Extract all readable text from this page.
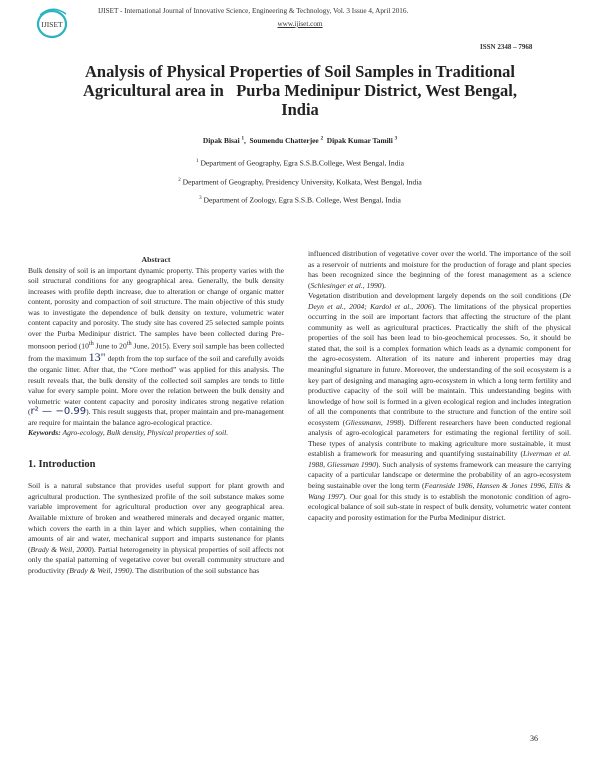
IJISET
IJISET - International Journal of Innovative Science, Engineering & Technology, Vol. 3 Issue 4, April 2016.
www.ijiset.com
ISSN 2348 – 7968
Analysis of Physical Properties of Soil Samples in Traditional
Agricultural area in   Purba Medinipur District, West Bengal,
India
Dipak Bisai $^1$,  Soumendu Chatterjee $^2$ Dipak Kumar Tamili $^3$
$^1$ Department of Geography, Egra S.S.B.College, West Bengal, India
$^2$ Department of Geography, Presidency University, Kolkata, West Bengal, India
$^3$ Department of Zoology, Egra S.S.B. College, West Bengal, India

Abstract

Bulk density of soil is an important dynamic property. This property varies with the soil structural conditions for any geographical area. Generally, the bulk density increases with profile depth increase, due to alteration or change of organic matter content, porosity and compaction of soil structure. The main objective of this study was to investigate the dependence of bulk density on texture, volumetric water content capacity and porosity. The study site has covered 25 selected sample points over the Purba Medinipur district. The samples have been collected during Pre-monsoon period (10th June to 20th June, 2015). Every soil sample has been collected from the maximum 13" depth from the top surface of the soil and carefully avoids the organic litter. After that, the “Core method” was applied for this analysis. The result reveals that, the bulk density of the collected soil samples are tends to little value for every sample point. More over the relation between the bulk density and volumetric water content capacity and porosity indicates strong negative relation (r² — −0.99). This result suggests that, proper maintain and pre-management are require for maintain the balance agro-ecological practice.

Keywords: Agro-ecology, Bulk density, Physical properties of soil.

1. Introduction

Soil is a natural substance that provides useful support for plant growth and agricultural production. The synthesized profile of the soil substance makes some variable improvement for agricultural production over any geographical area. Available mixture of broken and weathered minerals and decayed organic matter, which covers the earth in a thin layer and which supplies, when containing the amounts of air and water, mechanical support and imparts sustenance for plants (Brady & Weil, 2000). Partial heterogeneity in physical properties of soil affects not only the spatial patterning of vegetative cover but overall community structure and productivity (Brady & Weil, 1990). The distribution of the soil substance has

influenced distribution of vegetative cover over the world. The importance of the soil as a reservoir of nutrients and moisture for the production of forage and plant species has been recognized since the beginning of the forest management as a science (Schlesinger et al., 1990).

Vegetation distribution and development largely depends on the soil conditions (De Deyn et al., 2004; Kardol et al., 2006). The limitations of the physical properties occurring in the soil are important factors that affecting the structure of the plant community as well as agricultural practices. Practically the shift of the physical properties of the soil has been lead to bio-geochemical processes. So, it should be stated that, the soil is a complex formation which leads as a dynamic component for the agro-ecosystem. Alteration of its nature and inherent properties may drag meaningful signature in future. Moreover, the understanding of the soil ecosystem is a key part of designing and managing agro-ecosystem in which a long term fertility and productive capacity of the soil will be maintain. This understanding begins with knowledge of how soil is formed in a given ecological region and includes integration of all the components that contribute to the structure and function of the entire soil ecosystem (Gliessmann, 1998). Different researchers have been conducted regional analysis of agro-ecological parameters for estimating the regional fertility of soil. These types of analysis contribute to making agriculture more sustainable, it must establish a framework for measuring and quantifying sustainability (Liverman et al. 1988, Gliessman 1990). Such analysis of systems framework can measure the carrying capacity of a particular landscape or determine the probability of an agro-ecosystem being sustainable over the long term (Fearnside 1986, Hansen & Jones 1996, Ellis & Wang 1997). Our goal for this study is to establish the monotonic condition of agro-ecological balance of soil sub-state in respect of bulk density, volumetric water content capacity and porosity estimation for the Purba Medinipur district.

36
